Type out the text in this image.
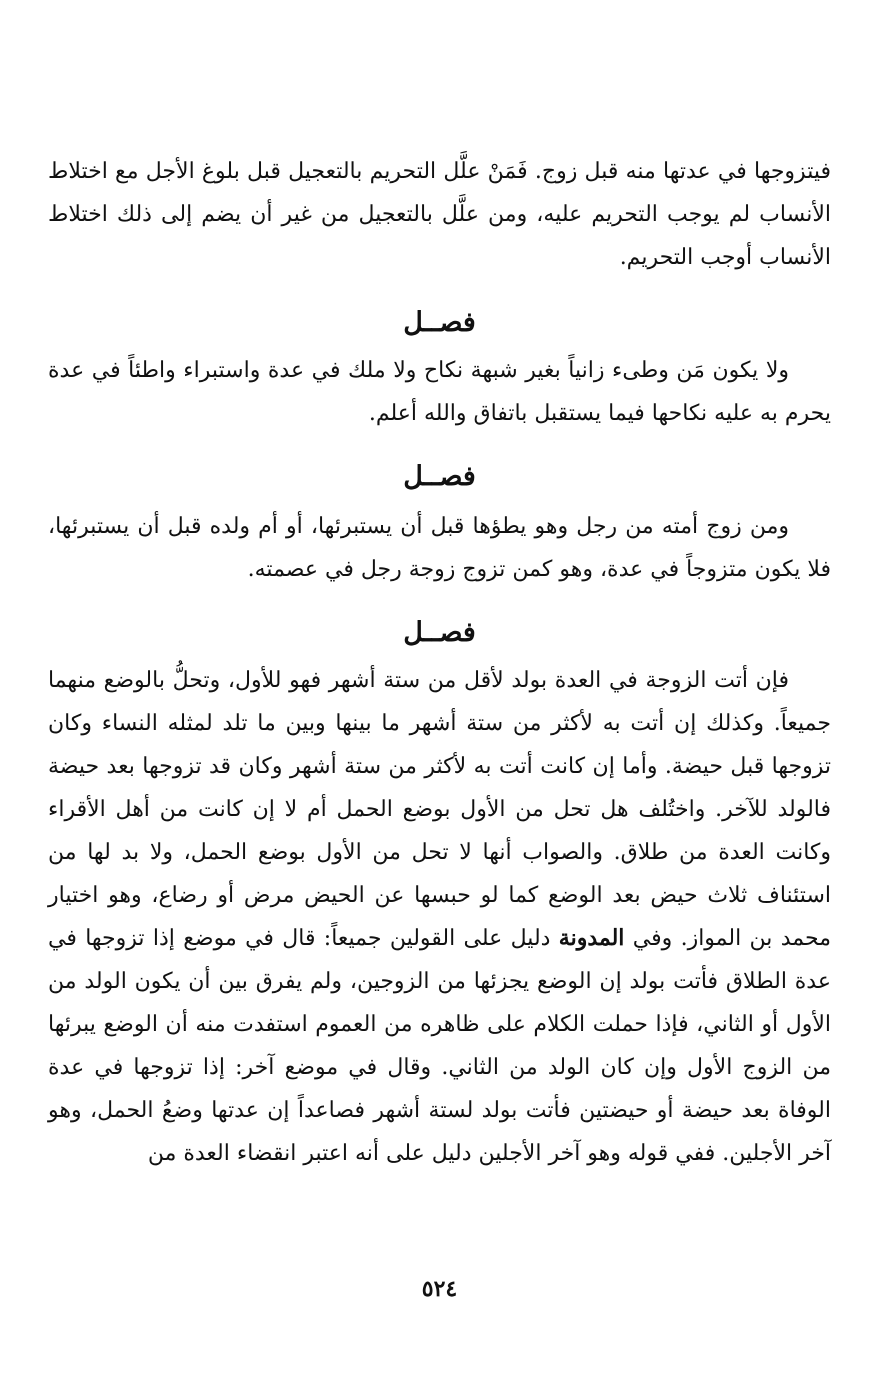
فيتزوجها في عدتها منه قبل زوج. فَمَنْ علَّل التحريم بالتعجيل قبل بلوغ الأجل مع اختلاط الأنساب لم يوجب التحريم عليه، ومن علَّل بالتعجيل من غير أن يضم إلى ذلك اختلاط الأنساب أوجب التحريم.

فصــل

ولا يكون مَن وطىء زانياً بغير شبهة نكاح ولا ملك في عدة واستبراء واطئاً في عدة يحرم به عليه نكاحها فيما يستقبل باتفاق والله أعلم.

فصــل

ومن زوج أمته من رجل وهو يطؤها قبل أن يستبرئها، أو أم ولده قبل أن يستبرئها، فلا يكون متزوجاً في عدة، وهو كمن تزوج زوجة رجل في عصمته.

فصــل

فإن أتت الزوجة في العدة بولد لأقل من ستة أشهر فهو للأول، وتحلُّ بالوضع منهما جميعاً. وكذلك إن أتت به لأكثر من ستة أشهر ما بينها وبين ما تلد لمثله النساء وكان تزوجها قبل حيضة. وأما إن كانت أتت به لأكثر من ستة أشهر وكان قد تزوجها بعد حيضة فالولد للآخر. واختُلف هل تحل من الأول بوضع الحمل أم لا إن كانت من أهل الأقراء وكانت العدة من طلاق. والصواب أنها لا تحل من الأول بوضع الحمل، ولا بد لها من استئناف ثلاث حيض بعد الوضع كما لو حبسها عن الحيض مرض أو رضاع، وهو اختيار محمد بن المواز. وفي المدونة دليل على القولين جميعاً: قال في موضع إذا تزوجها في عدة الطلاق فأتت بولد إن الوضع يجزئها من الزوجين، ولم يفرق بين أن يكون الولد من الأول أو الثاني، فإذا حملت الكلام على ظاهره من العموم استفدت منه أن الوضع يبرئها من الزوج الأول وإن كان الولد من الثاني. وقال في موضع آخر: إذا تزوجها في عدة الوفاة بعد حيضة أو حيضتين فأتت بولد لستة أشهر فصاعداً إن عدتها وضعُ الحمل، وهو آخر الأجلين. ففي قوله وهو آخر الأجلين دليل على أنه اعتبر انقضاء العدة من

٥٢٤
